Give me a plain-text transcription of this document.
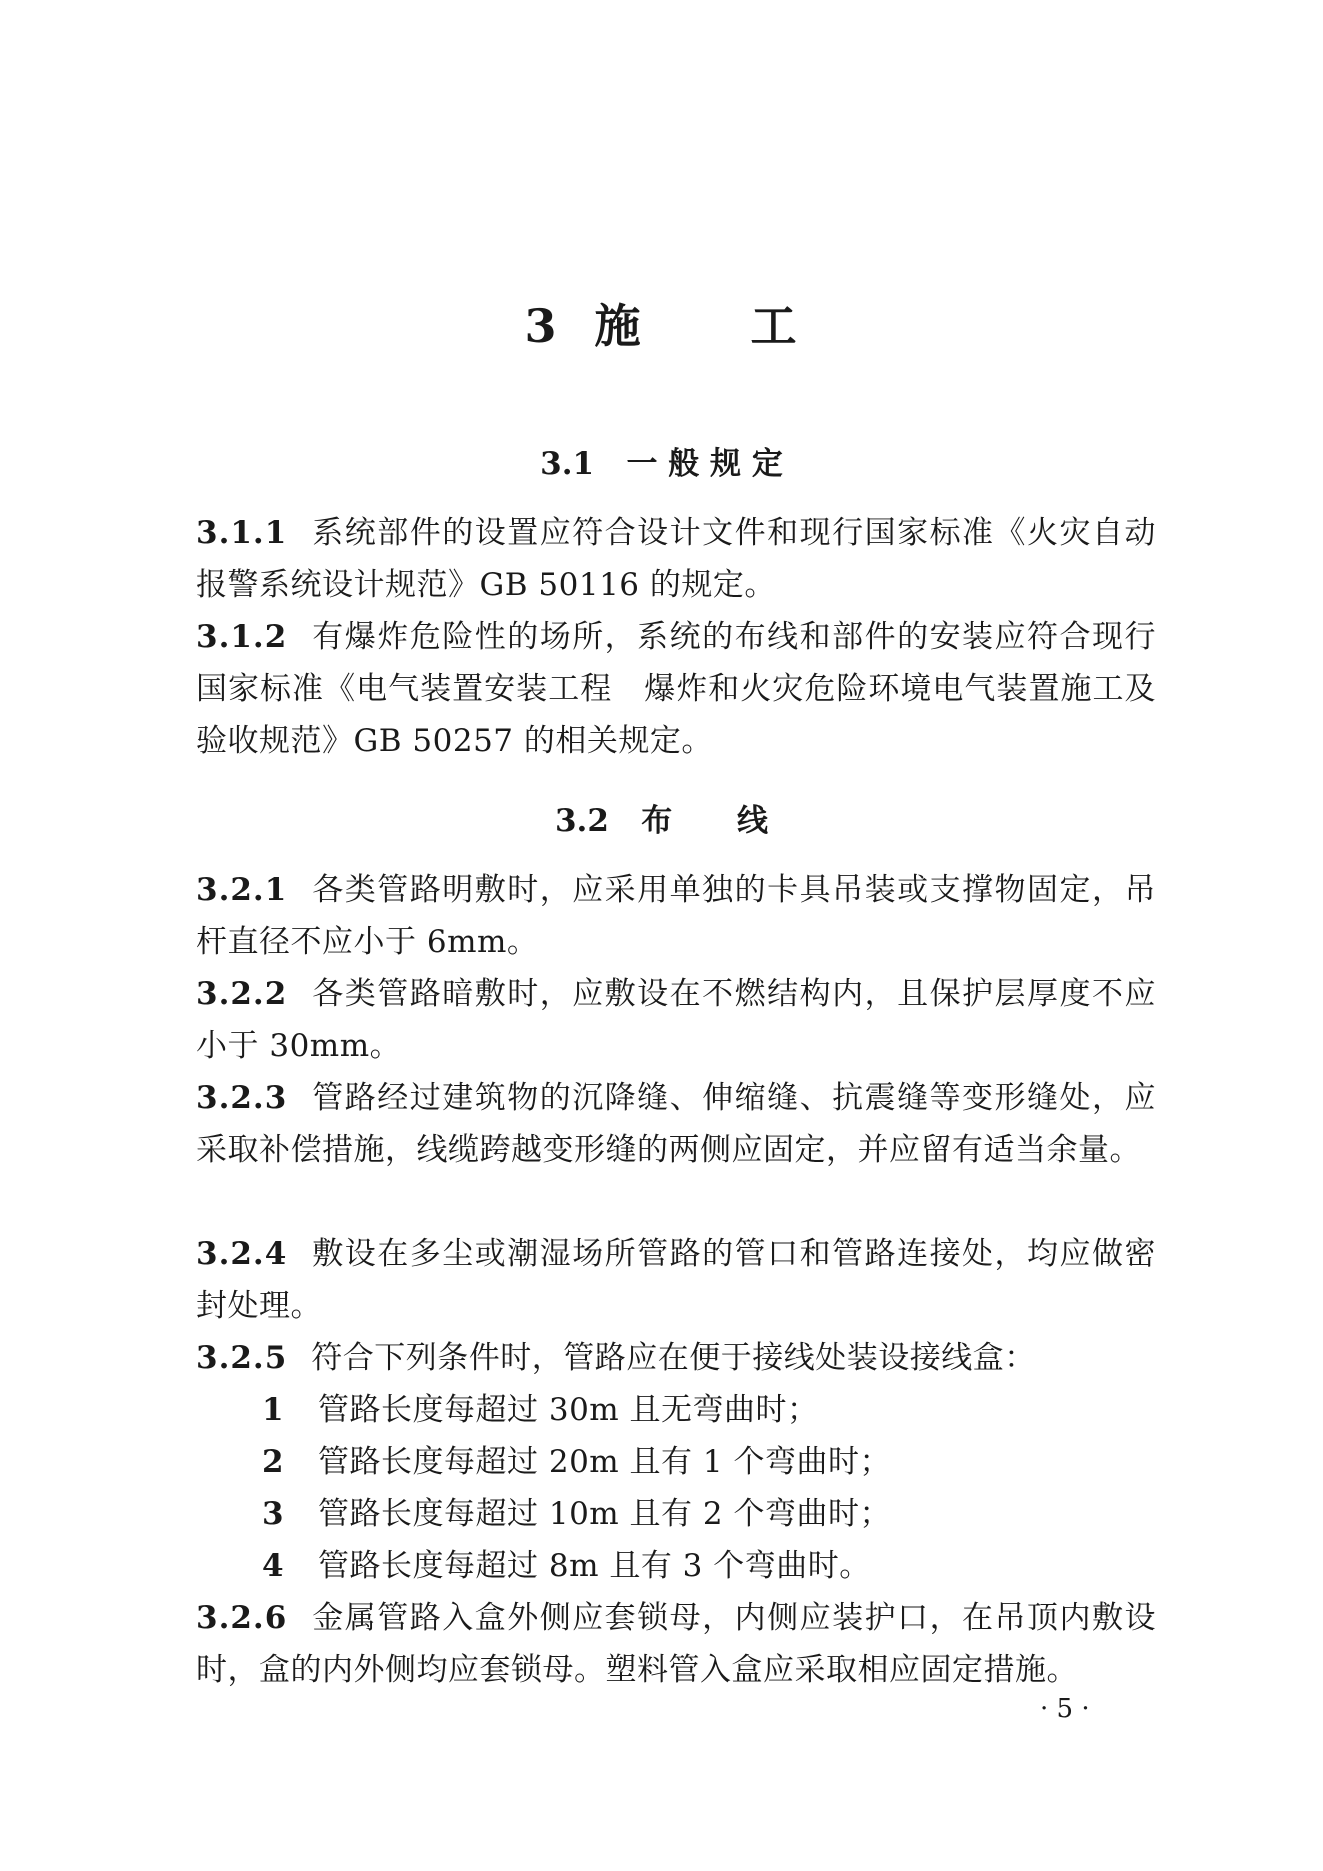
3  施      工
3.1   一 般 规 定
3.1.1 系统部件的设置应符合设计文件和现行国家标准《火灾自动报警系统设计规范》GB 50116 的规定。
3.1.2 有爆炸危险性的场所，系统的布线和部件的安装应符合现行国家标准《电气装置安装工程　爆炸和火灾危险环境电气装置施工及验收规范》GB 50257 的相关规定。
3.2   布      线
3.2.1 各类管路明敷时，应采用单独的卡具吊装或支撑物固定，吊杆直径不应小于 6mm。
3.2.2 各类管路暗敷时，应敷设在不燃结构内，且保护层厚度不应小于 30mm。
3.2.3 管路经过建筑物的沉降缝、伸缩缝、抗震缝等变形缝处，应采取补偿措施，线缆跨越变形缝的两侧应固定，并应留有适当余量。
3.2.4 敷设在多尘或潮湿场所管路的管口和管路连接处，均应做密封处理。
3.2.5 符合下列条件时，管路应在便于接线处装设接线盒：
1 管路长度每超过 30m 且无弯曲时；
2 管路长度每超过 20m 且有 1 个弯曲时；
3 管路长度每超过 10m 且有 2 个弯曲时；
4 管路长度每超过 8m 且有 3 个弯曲时。
3.2.6 金属管路入盒外侧应套锁母，内侧应装护口，在吊顶内敷设时，盒的内外侧均应套锁母。塑料管入盒应采取相应固定措施。
· 5 ·
